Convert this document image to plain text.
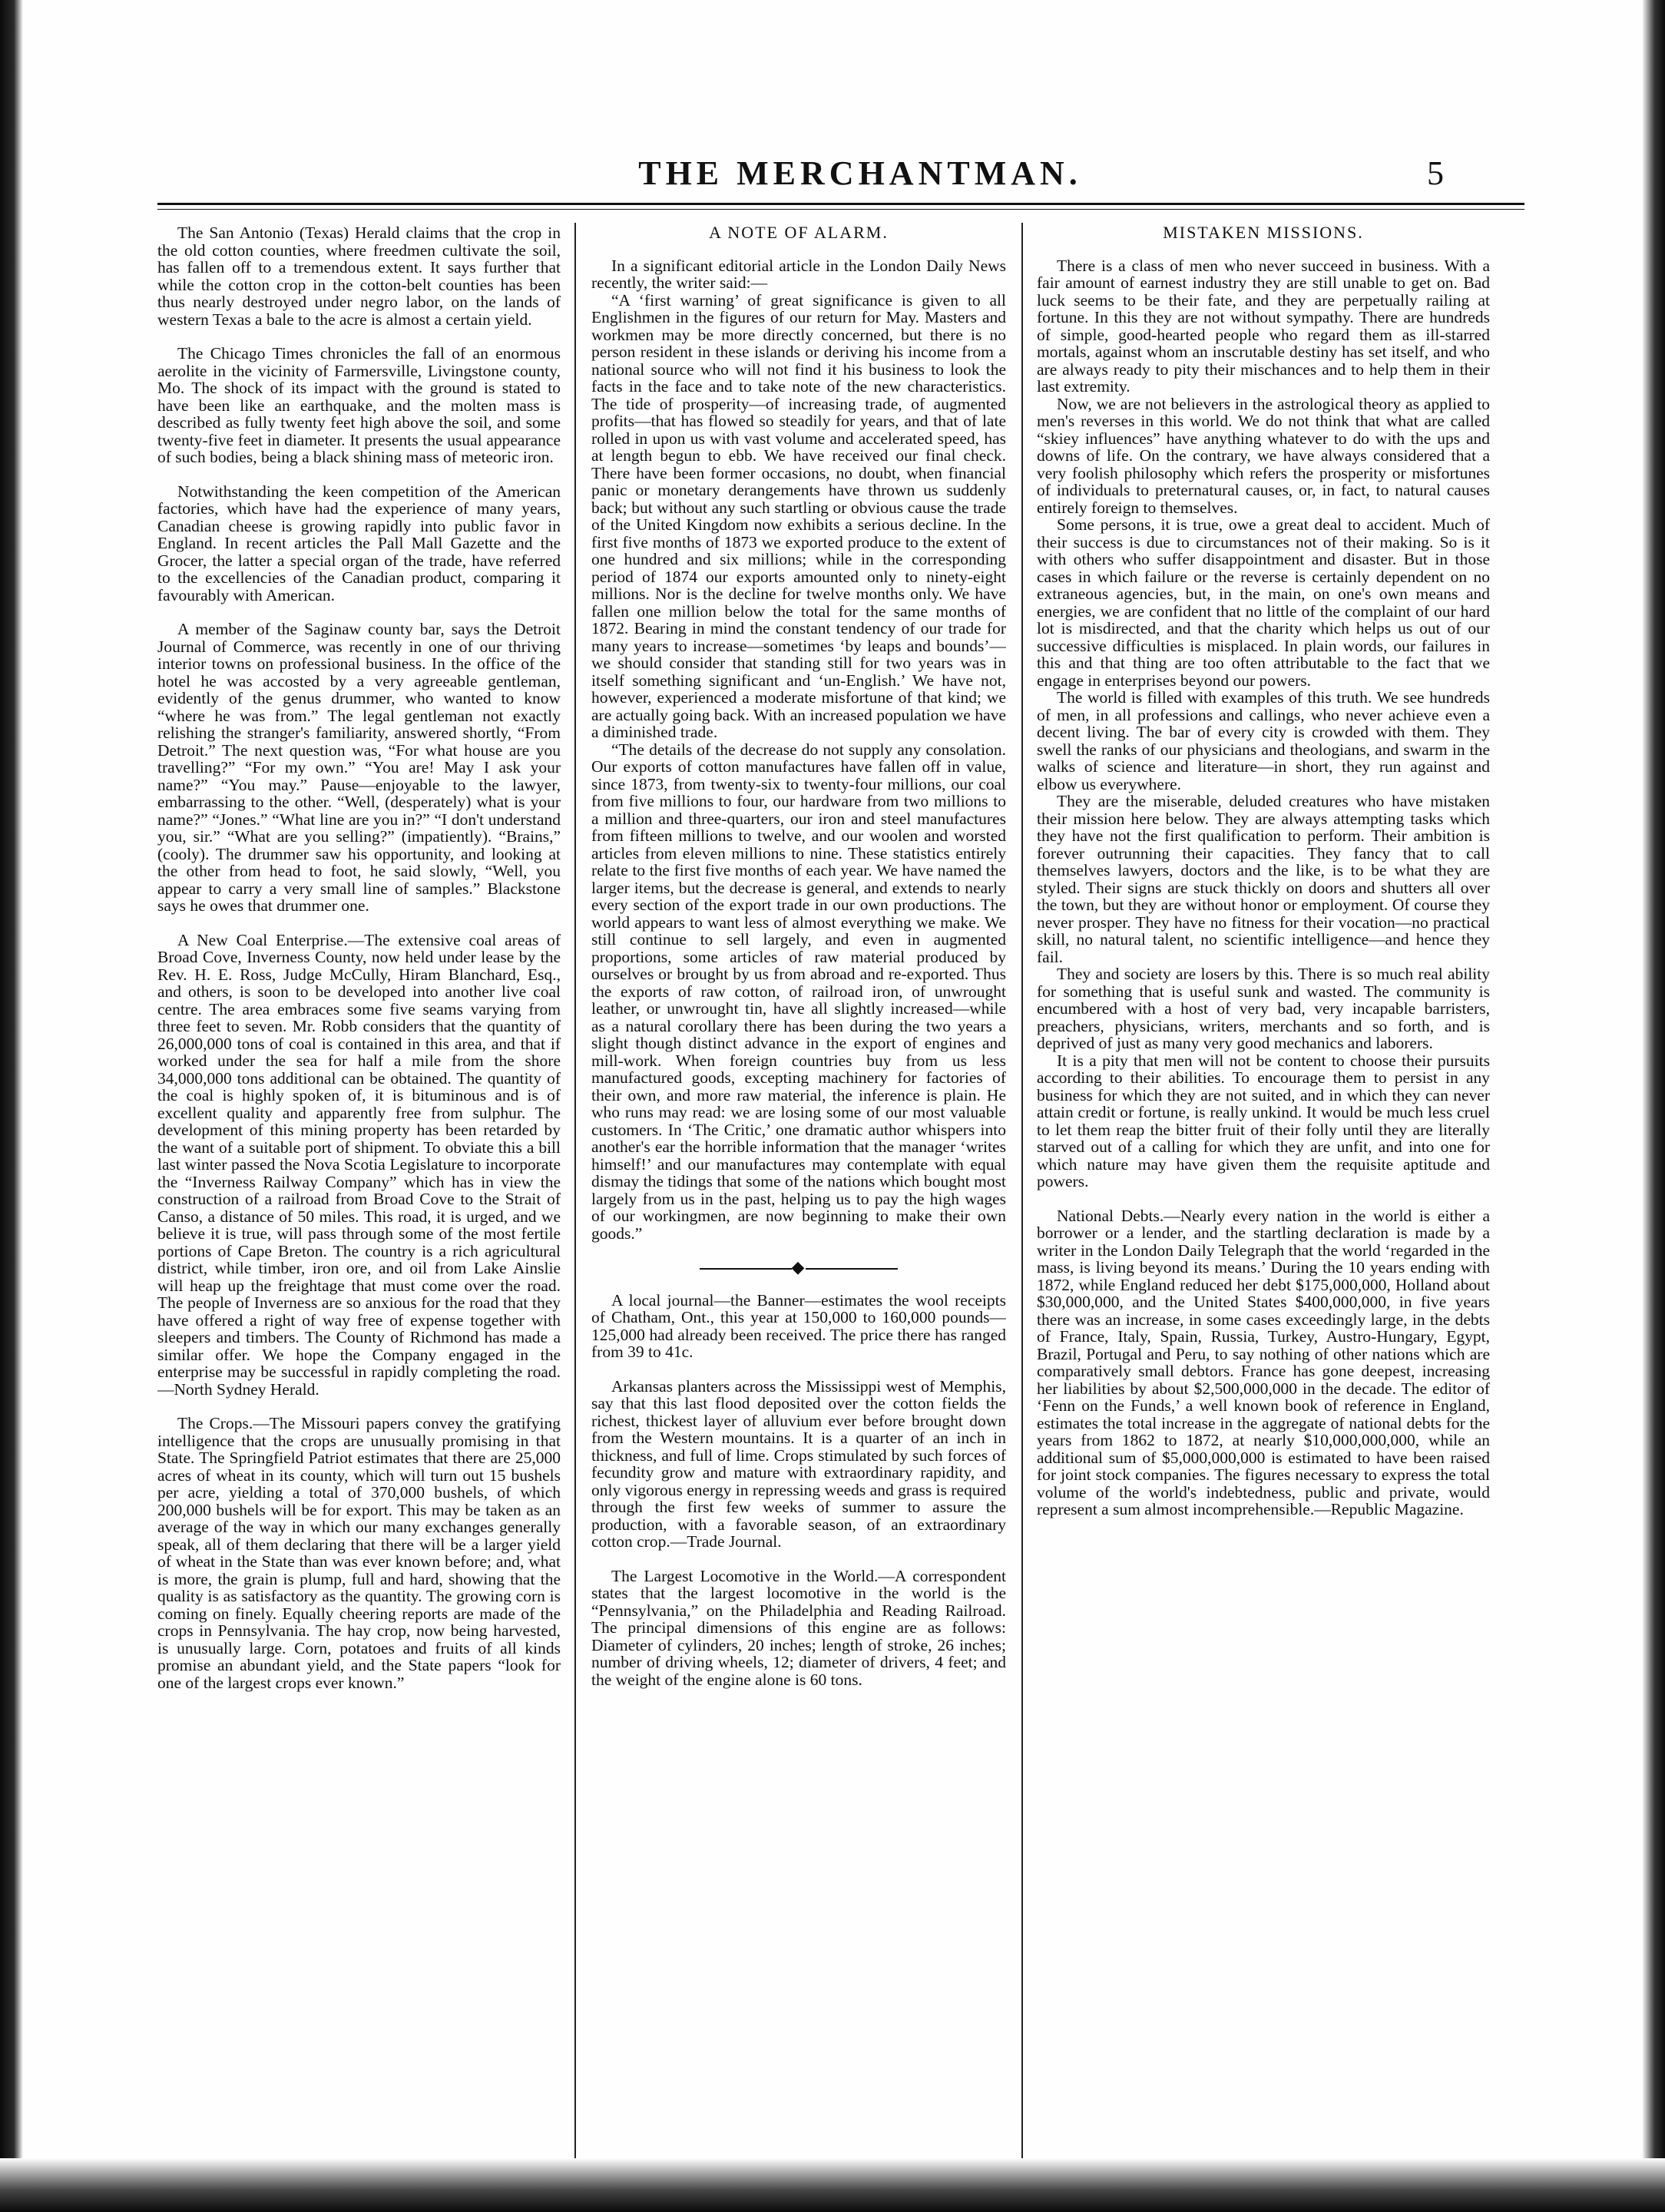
THE MERCHANTMAN.	5
The San Antonio (Texas) Herald claims that the crop in the old cotton counties, where freedmen cultivate the soil, has fallen off to a tremendous extent. It says further that while the cotton crop in the cotton-belt counties has been thus nearly destroyed under negro labor, on the lands of western Texas a bale to the acre is almost a certain yield.
The Chicago Times chronicles the fall of an enormous aerolite in the vicinity of Farmersville, Livingstone county, Mo. The shock of its impact with the ground is stated to have been like an earthquake, and the molten mass is described as fully twenty feet high above the soil, and some twenty-five feet in diameter. It presents the usual appearance of such bodies, being a black shining mass of meteoric iron.
Notwithstanding the keen competition of the American factories, which have had the experience of many years, Canadian cheese is growing rapidly into public favor in England. In recent articles the Pall Mall Gazette and the Grocer, the latter a special organ of the trade, have referred to the excellencies of the Canadian product, comparing it favourably with American.
A member of the Saginaw county bar, says the Detroit Journal of Commerce, was recently in one of our thriving interior towns on professional business. In the office of the hotel he was accosted by a very agreeable gentleman, evidently of the genus drummer, who wanted to know “where he was from.” The legal gentleman not exactly relishing the stranger's familiarity, answered shortly, “From Detroit.” The next question was, “For what house are you travelling?” “For my own.” “You are! May I ask your name?” “You may.” Pause—enjoyable to the lawyer, embarrassing to the other. “Well, (desperately) what is your name?” “Jones.” “What line are you in?” “I don't understand you, sir.” “What are you selling?” (impatiently). “Brains,” (cooly). The drummer saw his opportunity, and looking at the other from head to foot, he said slowly, “Well, you appear to carry a very small line of samples.” Blackstone says he owes that drummer one.
A New Coal Enterprise.—The extensive coal areas of Broad Cove, Inverness County, now held under lease by the Rev. H. E. Ross, Judge McCully, Hiram Blanchard, Esq., and others, is soon to be developed into another live coal centre. The area embraces some five seams varying from three feet to seven. Mr. Robb considers that the quantity of 26,000,000 tons of coal is contained in this area, and that if worked under the sea for half a mile from the shore 34,000,000 tons additional can be obtained. The quantity of the coal is highly spoken of, it is bituminous and is of excellent quality and apparently free from sulphur. The development of this mining property has been retarded by the want of a suitable port of shipment. To obviate this a bill last winter passed the Nova Scotia Legislature to incorporate the “Inverness Railway Company” which has in view the construction of a railroad from Broad Cove to the Strait of Canso, a distance of 50 miles. This road, it is urged, and we believe it is true, will pass through some of the most fertile portions of Cape Breton. The country is a rich agricultural district, while timber, iron ore, and oil from Lake Ainslie will heap up the freightage that must come over the road. The people of Inverness are so anxious for the road that they have offered a right of way free of expense together with sleepers and timbers. The County of Richmond has made a similar offer. We hope the Company engaged in the enterprise may be successful in rapidly completing the road.—North Sydney Herald.
The Crops.—The Missouri papers convey the gratifying intelligence that the crops are unusually promising in that State. The Springfield Patriot estimates that there are 25,000 acres of wheat in its county, which will turn out 15 bushels per acre, yielding a total of 370,000 bushels, of which 200,000 bushels will be for export. This may be taken as an average of the way in which our many exchanges generally speak, all of them declaring that there will be a larger yield of wheat in the State than was ever known before; and, what is more, the grain is plump, full and hard, showing that the quality is as satisfactory as the quantity. The growing corn is coming on finely. Equally cheering reports are made of the crops in Pennsylvania. The hay crop, now being harvested, is unusually large. Corn, potatoes and fruits of all kinds promise an abundant yield, and the State papers “look for one of the largest crops ever known.”
A NOTE OF ALARM.

In a significant editorial article in the London Daily News recently, the writer said:—

“A ‘first warning’ of great significance is given to all Englishmen in the figures of our return for May. Masters and workmen may be more directly concerned, but there is no person resident in these islands or deriving his income from a national source who will not find it his business to look the facts in the face and to take note of the new characteristics. The tide of prosperity—of increasing trade, of augmented profits—that has flowed so steadily for years, and that of late rolled in upon us with vast volume and accelerated speed, has at length begun to ebb. We have received our final check. There have been former occasions, no doubt, when financial panic or monetary derangements have thrown us suddenly back; but without any such startling or obvious cause the trade of the United Kingdom now exhibits a serious decline. In the first five months of 1873 we exported produce to the extent of one hundred and six millions; while in the corresponding period of 1874 our exports amounted only to ninety-eight millions. Nor is the decline for twelve months only. We have fallen one million below the total for the same months of 1872. Bearing in mind the constant tendency of our trade for many years to increase—sometimes ‘by leaps and bounds’—we should consider that standing still for two years was in itself something significant and ‘un-English.’ We have not, however, experienced a moderate misfortune of that kind; we are actually going back. With an increased population we have a diminished trade.

“The details of the decrease do not supply any consolation. Our exports of cotton manufactures have fallen off in value, since 1873, from twenty-six to twenty-four millions, our coal from five millions to four, our hardware from two millions to a million and three-quarters, our iron and steel manufactures from fifteen millions to twelve, and our woolen and worsted articles from eleven millions to nine. These statistics entirely relate to the first five months of each year. We have named the larger items, but the decrease is general, and extends to nearly every section of the export trade in our own productions. The world appears to want less of almost everything we make. We still continue to sell largely, and even in augmented proportions, some articles of raw material produced by ourselves or brought by us from abroad and re-exported. Thus the exports of raw cotton, of railroad iron, of unwrought leather, or unwrought tin, have all slightly increased—while as a natural corollary there has been during the two years a slight though distinct advance in the export of engines and mill-work. When foreign countries buy from us less manufactured goods, excepting machinery for factories of their own, and more raw material, the inference is plain. He who runs may read: we are losing some of our most valuable customers. In ‘The Critic,’ one dramatic author whispers into another's ear the horrible information that the manager ‘writes himself!’ and our manufactures may contemplate with equal dismay the tidings that some of the nations which bought most largely from us in the past, helping us to pay the high wages of our workingmen, are now beginning to make their own goods.”

◆
A local journal—the Banner—estimates the wool receipts of Chatham, Ont., this year at 150,000 to 160,000 pounds—125,000 had already been received. The price there has ranged from 39 to 41c.
Arkansas planters across the Mississippi west of Memphis, say that this last flood deposited over the cotton fields the richest, thickest layer of alluvium ever before brought down from the Western mountains. It is a quarter of an inch in thickness, and full of lime. Crops stimulated by such forces of fecundity grow and mature with extraordinary rapidity, and only vigorous energy in repressing weeds and grass is required through the first few weeks of summer to assure the production, with a favorable season, of an extraordinary cotton crop.—Trade Journal.
The Largest Locomotive in the World.—A correspondent states that the largest locomotive in the world is the “Pennsylvania,” on the Philadelphia and Reading Railroad. The principal dimensions of this engine are as follows: Diameter of cylinders, 20 inches; length of stroke, 26 inches; number of driving wheels, 12; diameter of drivers, 4 feet; and the weight of the engine alone is 60 tons.
MISTAKEN MISSIONS.

There is a class of men who never succeed in business. With a fair amount of earnest industry they are still unable to get on. Bad luck seems to be their fate, and they are perpetually railing at fortune. In this they are not without sympathy. There are hundreds of simple, good-hearted people who regard them as ill-starred mortals, against whom an inscrutable destiny has set itself, and who are always ready to pity their mischances and to help them in their last extremity.

Now, we are not believers in the astrological theory as applied to men's reverses in this world. We do not think that what are called “skiey influences” have anything whatever to do with the ups and downs of life. On the contrary, we have always considered that a very foolish philosophy which refers the prosperity or misfortunes of individuals to preternatural causes, or, in fact, to natural causes entirely foreign to themselves.

Some persons, it is true, owe a great deal to accident. Much of their success is due to circumstances not of their making. So is it with others who suffer disappointment and disaster. But in those cases in which failure or the reverse is certainly dependent on no extraneous agencies, but, in the main, on one's own means and energies, we are confident that no little of the complaint of our hard lot is misdirected, and that the charity which helps us out of our successive difficulties is misplaced. In plain words, our failures in this and that thing are too often attributable to the fact that we engage in enterprises beyond our powers.

The world is filled with examples of this truth. We see hundreds of men, in all professions and callings, who never achieve even a decent living. The bar of every city is crowded with them. They swell the ranks of our physicians and theologians, and swarm in the walks of science and literature—in short, they run against and elbow us everywhere.

They are the miserable, deluded creatures who have mistaken their mission here below. They are always attempting tasks which they have not the first qualification to perform. Their ambition is forever outrunning their capacities. They fancy that to call themselves lawyers, doctors and the like, is to be what they are styled. Their signs are stuck thickly on doors and shutters all over the town, but they are without honor or employment. Of course they never prosper. They have no fitness for their vocation—no practical skill, no natural talent, no scientific intelligence—and hence they fail.

They and society are losers by this. There is so much real ability for something that is useful sunk and wasted. The community is encumbered with a host of very bad, very incapable barristers, preachers, physicians, writers, merchants and so forth, and is deprived of just as many very good mechanics and laborers.

It is a pity that men will not be content to choose their pursuits according to their abilities. To encourage them to persist in any business for which they are not suited, and in which they can never attain credit or fortune, is really unkind. It would be much less cruel to let them reap the bitter fruit of their folly until they are literally starved out of a calling for which they are unfit, and into one for which nature may have given them the requisite aptitude and powers.

National Debts.—Nearly every nation in the world is either a borrower or a lender, and the startling declaration is made by a writer in the London Daily Telegraph that the world ‘regarded in the mass, is living beyond its means.’ During the 10 years ending with 1872, while England reduced her debt $175,000,000, Holland about $30,000,000, and the United States $400,000,000, in five years there was an increase, in some cases exceedingly large, in the debts of France, Italy, Spain, Russia, Turkey, Austro-Hungary, Egypt, Brazil, Portugal and Peru, to say nothing of other nations which are comparatively small debtors. France has gone deepest, increasing her liabilities by about $2,500,000,000 in the decade. The editor of ‘Fenn on the Funds,’ a well known book of reference in England, estimates the total increase in the aggregate of national debts for the years from 1862 to 1872, at nearly $10,000,000,000, while an additional sum of $5,000,000,000 is estimated to have been raised for joint stock companies. The figures necessary to express the total volume of the world's indebtedness, public and private, would represent a sum almost incomprehensible.—Republic Magazine.
